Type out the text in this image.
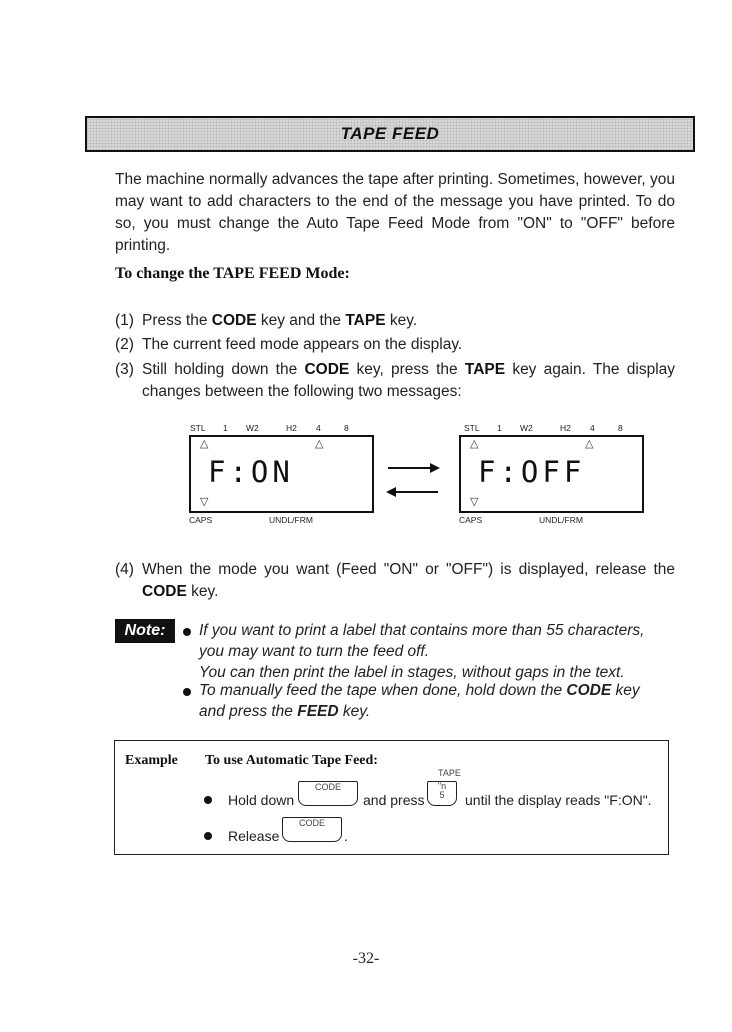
TAPE FEED
The machine normally advances the tape after printing. Sometimes, however, you may want to add characters to the end of the message you have printed. To do so, you must change the Auto Tape Feed Mode from "ON" to "OFF" before printing.
To change the TAPE FEED Mode:
(1) Press the CODE key and the TAPE key.
(2) The current feed mode appears on the display.
(3) Still holding down the CODE key, press the TAPE key again. The display changes between the following two messages:
STL 1 W2	H2 4	8
△	△
F:ON
▽
CAPS	UNDL/FRM
STL 1 W2	H2 4	8
△	△
F:OFF
▽
CAPS	UNDL/FRM
(4) When the mode you want (Feed "ON" or "OFF") is displayed, release the CODE key.
Note:	If you want to print a label that contains more than 55 characters,
you may want to turn the feed off.
You can then print the label in stages, without gaps in the text.
To manually feed the tape when done, hold down the CODE key
and press the FEED key.
Example To use Automatic Tape Feed:
TAPE
Hold down
CODE
and press
"n
5	until the display reads "F:ON".
Release
CODE
.
-32-
